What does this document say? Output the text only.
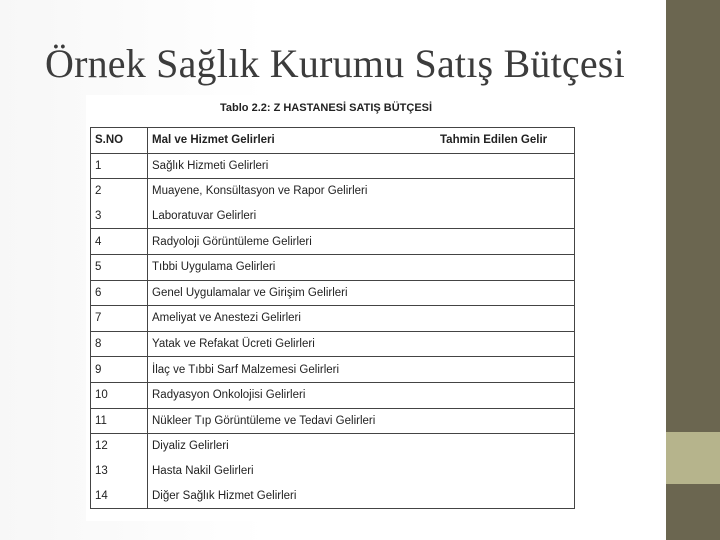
Örnek Sağlık Kurumu Satış Bütçesi
Tablo 2.2: Z HASTANESİ SATIŞ BÜTÇESİ
S.NO	Mal ve Hizmet Gelirleri	Tahmin Edilen Gelir
1	Sağlık Hizmeti Gelirleri	
2	Muayene, Konsültasyon ve Rapor Gelirleri	
3	Laboratuvar Gelirleri	
4	Radyoloji Görüntüleme Gelirleri	
5	Tıbbi Uygulama Gelirleri	
6	Genel Uygulamalar ve Girişim Gelirleri	
7	Ameliyat ve Anestezi Gelirleri	
8	Yatak ve Refakat Ücreti Gelirleri	
9	İlaç ve Tıbbi Sarf Malzemesi Gelirleri	
10	Radyasyon Onkolojisi Gelirleri	
11	Nükleer Tıp Görüntüleme ve Tedavi Gelirleri	
12	Diyaliz Gelirleri	
13	Hasta Nakil Gelirleri	
14	Diğer Sağlık Hizmet Gelirleri	
